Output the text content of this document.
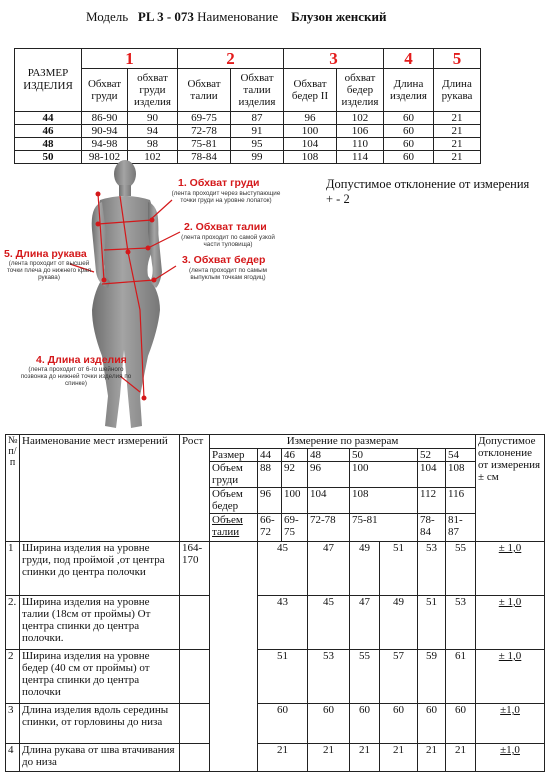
Модель PL 3 - 073 Наименование Блузон женский
РАЗМЕР ИЗДЕЛИЯ	1		2		3		4	5
	Обхват груди	обхват груди изделия	Обхват талии	Обхват талии изделия	Обхват бедер II	обхват бедер изделия	Длина изделия	Длина рукава
44	86-90	90	69-75	87	96	102	60	21
46	90-94	94	72-78	91	100	106	60	21
48	94-98	98	75-81	95	104	110	60	21
50	98-102	102	78-84	99	108	114	60	21
Допустимое отклонение от измерения
+ - 2
1. Обхват груди
(лента проходит через выступающие точки груди на уровне лопаток)
2. Обхват талии
(лента проходит по самой узкой части туловища)
3. Обхват бедер
(лента проходит по самым выпуклым точкам ягодиц)
4. Длина изделия
(лента проходит от 6-го шейного позвонка до нижней точки изделия по спинке)
5. Длина рукава
(лента проходит от высшей точки плеча до нижнего края рукава)
№ п/ п	Наименование мест измерений	Рост	Измерение по размерам								Допустимое отклонение от измерения ± см
			Размер	44	46	48	50		52	54	
			Объем груди	88	92	96	100		104	108	
			Объем бедер	96	100	104	108		112	116	
			Объем талии	66-72	69-75	72-78	75-81		78-84	81-87	
1	Ширина изделия на уровне груди, под проймой ,от центра спинки до центра полочки	164-170		45		47	49	51	53	55	± 1,0
2.	Ширина изделия на уровне талии (18см от проймы) От центра спинки до центра полочки.			43		45	47	49	51	53	± 1,0
2	Ширина изделия на уровне бедер (40 см от проймы) от центра спинки до центра полочки			51		53	55	57	59	61	± 1,0
3	Длина изделия вдоль середины спинки, от горловины до низа			60		60	60	60	60	60	±1,0
4	Длина рукава от шва втачивания до низа			21		21	21	21	21	21	±1,0
